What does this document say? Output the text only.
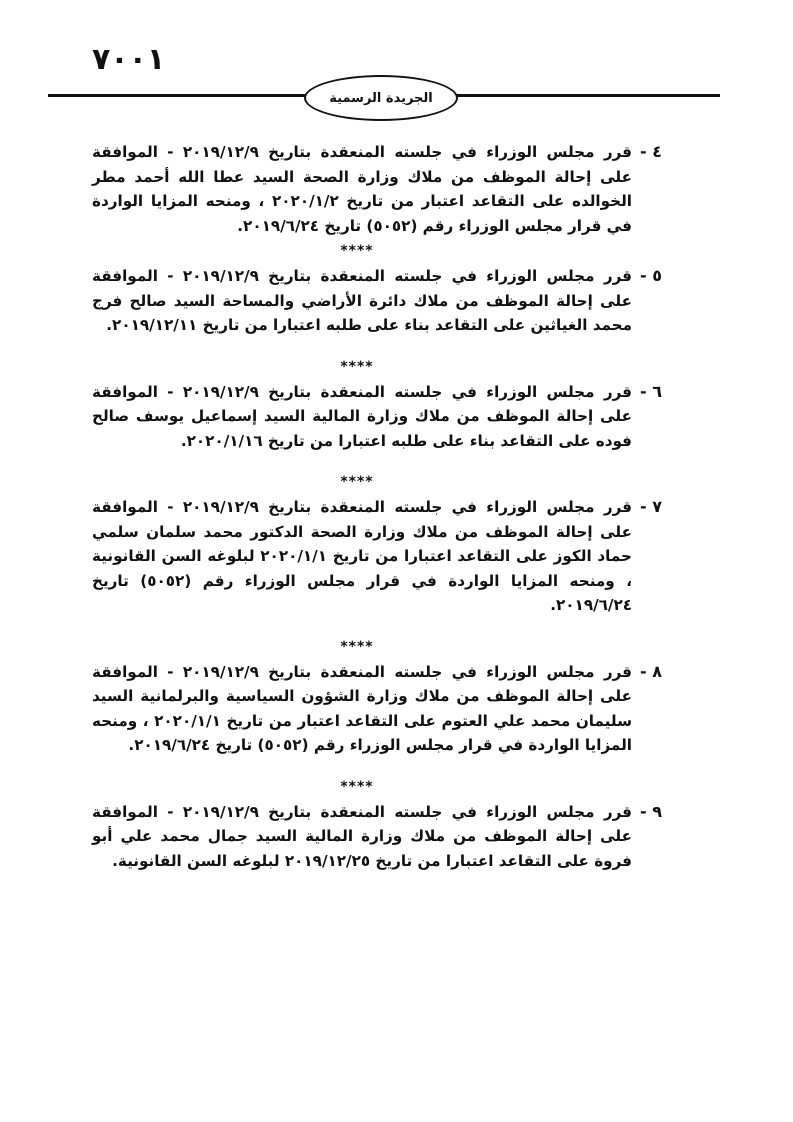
٧٠٠١
الجريدة الرسمية
٤ -
قرر مجلس الوزراء في جلسته المنعقدة بتاريخ ٢٠١٩/١٢/٩ - الموافقة على إحالة الموظف من ملاك وزارة الصحة السيد عطا الله أحمد مطر الخوالده على التقاعد اعتبار من تاريخ ٢٠٢٠/١/٢ ، ومنحه المزايا الواردة في قرار مجلس الوزراء رقم (٥٠٥٢) تاريخ ٢٠١٩/٦/٢٤.
****
٥ -
قرر مجلس الوزراء في جلسته المنعقدة بتاريخ ٢٠١٩/١٢/٩ - الموافقة على إحالة الموظف من ملاك دائرة الأراضي والمساحة السيد صالح فرج محمد الغياثين على التقاعد بناء على طلبه اعتبارا من تاريخ ٢٠١٩/١٢/١١.
****
٦ -
قرر مجلس الوزراء في جلسته المنعقدة بتاريخ ٢٠١٩/١٢/٩ - الموافقة على إحالة الموظف من ملاك وزارة المالية السيد إسماعيل يوسف صالح فوده على التقاعد بناء على طلبه اعتبارا من تاريخ ٢٠٢٠/١/١٦.
****
٧ -
قرر مجلس الوزراء في جلسته المنعقدة بتاريخ ٢٠١٩/١٢/٩ - الموافقة على إحالة الموظف من ملاك وزارة الصحة الدكتور محمد سلمان سلمي حماد الكوز على التقاعد اعتبارا من تاريخ ٢٠٢٠/١/١ لبلوغه السن القانونية ، ومنحه المزايا الواردة في قرار مجلس الوزراء رقم (٥٠٥٢) تاريخ ٢٠١٩/٦/٢٤.
****
٨ -
قرر مجلس الوزراء في جلسته المنعقدة بتاريخ ٢٠١٩/١٢/٩ - الموافقة على إحالة الموظف من ملاك وزارة الشؤون السياسية والبرلمانية السيد سليمان محمد علي العتوم على التقاعد اعتبار من تاريخ ٢٠٢٠/١/١ ، ومنحه المزايا الواردة في قرار مجلس الوزراء رقم (٥٠٥٢) تاريخ ٢٠١٩/٦/٢٤.
****
٩ -
قرر مجلس الوزراء في جلسته المنعقدة بتاريخ ٢٠١٩/١٢/٩ - الموافقة على إحالة الموظف من ملاك وزارة المالية السيد جمال محمد علي أبو فروة على التقاعد اعتبارا من تاريخ ٢٠١٩/١٢/٢٥ لبلوغه السن القانونية.
